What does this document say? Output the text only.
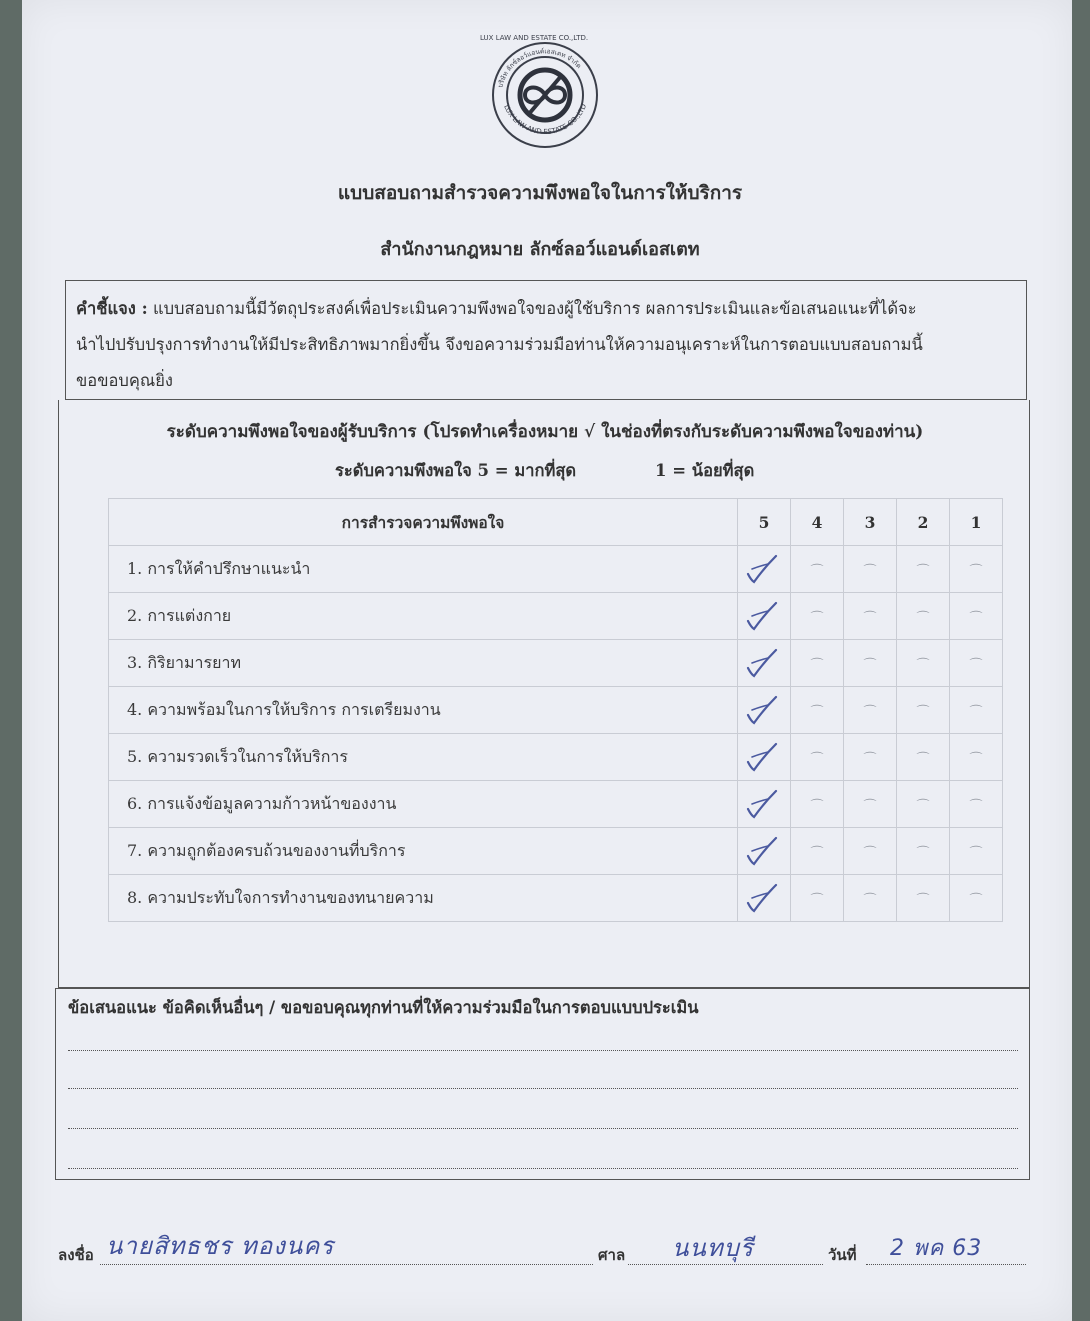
LUX LAW AND ESTATE CO.,LTD.
LUX LAW AND ESTATE CO.,LTD
บริษัท ลักซ์ลอว์แอนด์เอสเตท จำกัด
แบบสอบถามสำรวจความพึงพอใจในการให้บริการ
สำนักงานกฎหมาย ลักซ์ลอว์แอนด์เอสเตท
คำชี้แจง : แบบสอบถามนี้มีวัตถุประสงค์เพื่อประเมินความพึงพอใจของผู้ใช้บริการ ผลการประเมินและข้อเสนอแนะที่ได้จะ
นำไปปรับปรุงการทำงานให้มีประสิทธิภาพมากยิ่งขึ้น จึงขอความร่วมมือท่านให้ความอนุเคราะห์ในการตอบแบบสอบถามนี้
ขอขอบคุณยิ่ง
ระดับความพึงพอใจของผู้รับบริการ (โปรดทำเครื่องหมาย √ ในช่องที่ตรงกับระดับความพึงพอใจของท่าน)
ระดับความพึงพอใจ 5 = มากที่สุด	1 = น้อยที่สุด
การสำรวจความพึงพอใจ	5	4	3	2	1
1. การให้คำปรึกษาแนะนำ		⌒	⌒	⌒	⌒
2. การแต่งกาย		⌒	⌒	⌒	⌒
3. กิริยามารยาท		⌒	⌒	⌒	⌒
4. ความพร้อมในการให้บริการ การเตรียมงาน		⌒	⌒	⌒	⌒
5. ความรวดเร็วในการให้บริการ		⌒	⌒	⌒	⌒
6. การแจ้งข้อมูลความก้าวหน้าของงาน		⌒	⌒	⌒	⌒
7. ความถูกต้องครบถ้วนของงานที่บริการ		⌒	⌒	⌒	⌒
8. ความประทับใจการทำงานของทนายความ		⌒	⌒	⌒	⌒
ข้อเสนอแนะ ข้อคิดเห็นอื่นๆ / ขอขอบคุณทุกท่านที่ให้ความร่วมมือในการตอบแบบประเมิน
ลงชื่อ นายสิทธชร ทองนคร	ศาล นนทบุรี	วันที่ 2 พค 63
